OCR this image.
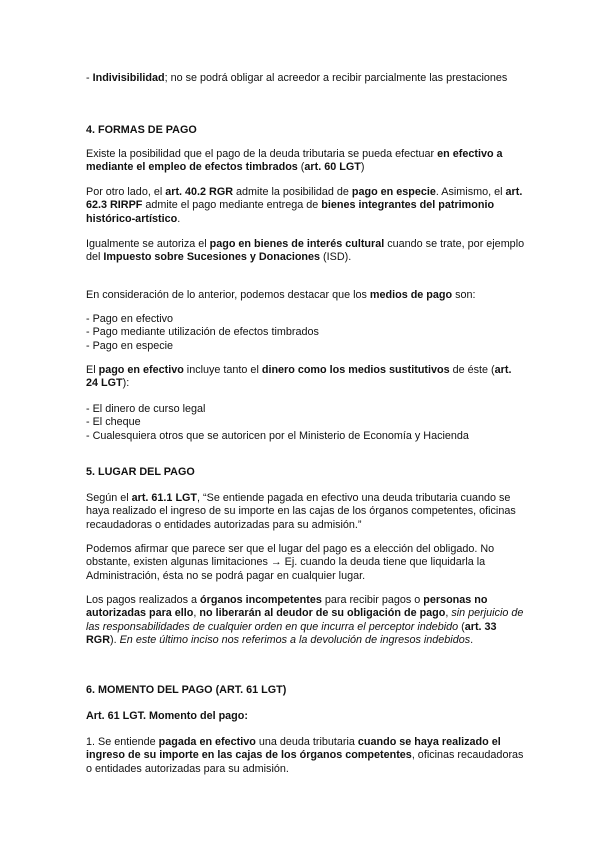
- Indivisibilidad; no se podrá obligar al acreedor a recibir parcialmente las prestaciones

4. FORMAS DE PAGO

Existe la posibilidad que el pago de la deuda tributaria se pueda efectuar en efectivo a mediante el empleo de efectos timbrados (art. 60 LGT)

Por otro lado, el art. 40.2 RGR admite la posibilidad de pago en especie. Asimismo, el art. 62.3 RIRPF admite el pago mediante entrega de bienes integrantes del patrimonio histórico-artístico.

Igualmente se autoriza el pago en bienes de interés cultural cuando se trate, por ejemplo del Impuesto sobre Sucesiones y Donaciones (ISD).

En consideración de lo anterior, podemos destacar que los medios de pago son:

- Pago en efectivo
- Pago mediante utilización de efectos timbrados
- Pago en especie

El pago en efectivo incluye tanto el dinero como los medios sustitutivos de éste (art. 24 LGT):

- El dinero de curso legal
- El cheque
- Cualesquiera otros que se autoricen por el Ministerio de Economía y Hacienda

5. LUGAR DEL PAGO

Según el art. 61.1 LGT, “Se entiende pagada en efectivo una deuda tributaria cuando se haya realizado el ingreso de su importe en las cajas de los órganos competentes, oficinas recaudadoras o entidades autorizadas para su admisión.”

Podemos afirmar que parece ser que el lugar del pago es a elección del obligado. No obstante, existen algunas limitaciones → Ej. cuando la deuda tiene que liquidarla la Administración, ésta no se podrá pagar en cualquier lugar.

Los pagos realizados a órganos incompetentes para recibir pagos o personas no autorizadas para ello, no liberarán al deudor de su obligación de pago, sin perjuicio de las responsabilidades de cualquier orden en que incurra el perceptor indebido (art. 33 RGR). En este último inciso nos referimos a la devolución de ingresos indebidos.

6. MOMENTO DEL PAGO (ART. 61 LGT)

Art. 61 LGT. Momento del pago:

1. Se entiende pagada en efectivo una deuda tributaria cuando se haya realizado el ingreso de su importe en las cajas de los órganos competentes, oficinas recaudadoras o entidades autorizadas para su admisión.
